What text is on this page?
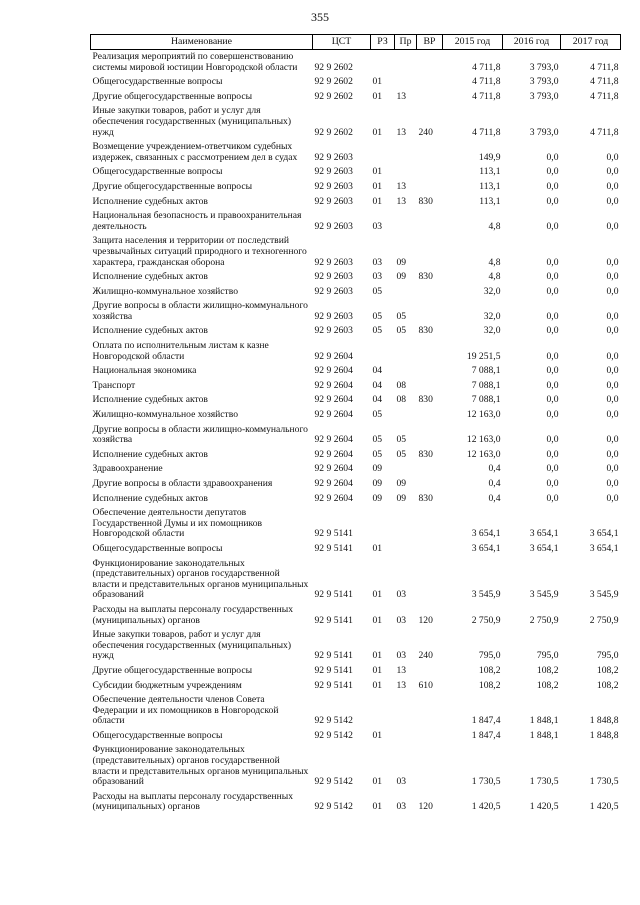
355
Наименование	ЦСТ	РЗ	Пр	ВР	2015 год	2016 год	2017 год
Реализация мероприятий по совершенствованию системы мировой юстиции Новгородской области	92 9 2602				4 711,8	3 793,0	4 711,8
Общегосударственные вопросы	92 9 2602	01			4 711,8	3 793,0	4 711,8
Другие общегосударственные вопросы	92 9 2602	01	13		4 711,8	3 793,0	4 711,8
Иные закупки товаров, работ и услуг для обеспечения государственных (муниципальных) нужд	92 9 2602	01	13	240	4 711,8	3 793,0	4 711,8
Возмещение учреждением-ответчиком судебных издержек, связанных с рассмотрением дел в судах	92 9 2603				149,9	0,0	0,0
Общегосударственные вопросы	92 9 2603	01			113,1	0,0	0,0
Другие общегосударственные вопросы	92 9 2603	01	13		113,1	0,0	0,0
Исполнение судебных актов	92 9 2603	01	13	830	113,1	0,0	0,0
Национальная безопасность и правоохранительная деятельность	92 9 2603	03			4,8	0,0	0,0
Защита населения и территории от последствий чрезвычайных ситуаций природного и техногенного характера, гражданская оборона	92 9 2603	03	09		4,8	0,0	0,0
Исполнение судебных актов	92 9 2603	03	09	830	4,8	0,0	0,0
Жилищно-коммунальное хозяйство	92 9 2603	05			32,0	0,0	0,0
Другие вопросы в области жилищно-коммунального хозяйства	92 9 2603	05	05		32,0	0,0	0,0
Исполнение судебных актов	92 9 2603	05	05	830	32,0	0,0	0,0
Оплата по исполнительным листам к казне Новгородской области	92 9 2604				19 251,5	0,0	0,0
Национальная экономика	92 9 2604	04			7 088,1	0,0	0,0
Транспорт	92 9 2604	04	08		7 088,1	0,0	0,0
Исполнение судебных актов	92 9 2604	04	08	830	7 088,1	0,0	0,0
Жилищно-коммунальное хозяйство	92 9 2604	05			12 163,0	0,0	0,0
Другие вопросы в области жилищно-коммунального хозяйства	92 9 2604	05	05		12 163,0	0,0	0,0
Исполнение судебных актов	92 9 2604	05	05	830	12 163,0	0,0	0,0
Здравоохранение	92 9 2604	09			0,4	0,0	0,0
Другие вопросы в области здравоохранения	92 9 2604	09	09		0,4	0,0	0,0
Исполнение судебных актов	92 9 2604	09	09	830	0,4	0,0	0,0
Обеспечение деятельности депутатов Государственной Думы и их помощников Новгородской области	92 9 5141				3 654,1	3 654,1	3 654,1
Общегосударственные вопросы	92 9 5141	01			3 654,1	3 654,1	3 654,1
Функционирование законодательных (представительных) органов государственной власти и представительных органов муниципальных образований	92 9 5141	01	03		3 545,9	3 545,9	3 545,9
Расходы на выплаты персоналу государственных (муниципальных) органов	92 9 5141	01	03	120	2 750,9	2 750,9	2 750,9
Иные закупки товаров, работ и услуг для обеспечения государственных (муниципальных) нужд	92 9 5141	01	03	240	795,0	795,0	795,0
Другие общегосударственные вопросы	92 9 5141	01	13		108,2	108,2	108,2
Субсидии бюджетным учреждениям	92 9 5141	01	13	610	108,2	108,2	108,2
Обеспечение деятельности членов Совета Федерации и их помощников в Новгородской области	92 9 5142				1 847,4	1 848,1	1 848,8
Общегосударственные вопросы	92 9 5142	01			1 847,4	1 848,1	1 848,8
Функционирование законодательных (представительных) органов государственной власти и представительных органов муниципальных образований	92 9 5142	01	03		1 730,5	1 730,5	1 730,5
Расходы на выплаты персоналу государственных (муниципальных) органов	92 9 5142	01	03	120	1 420,5	1 420,5	1 420,5
